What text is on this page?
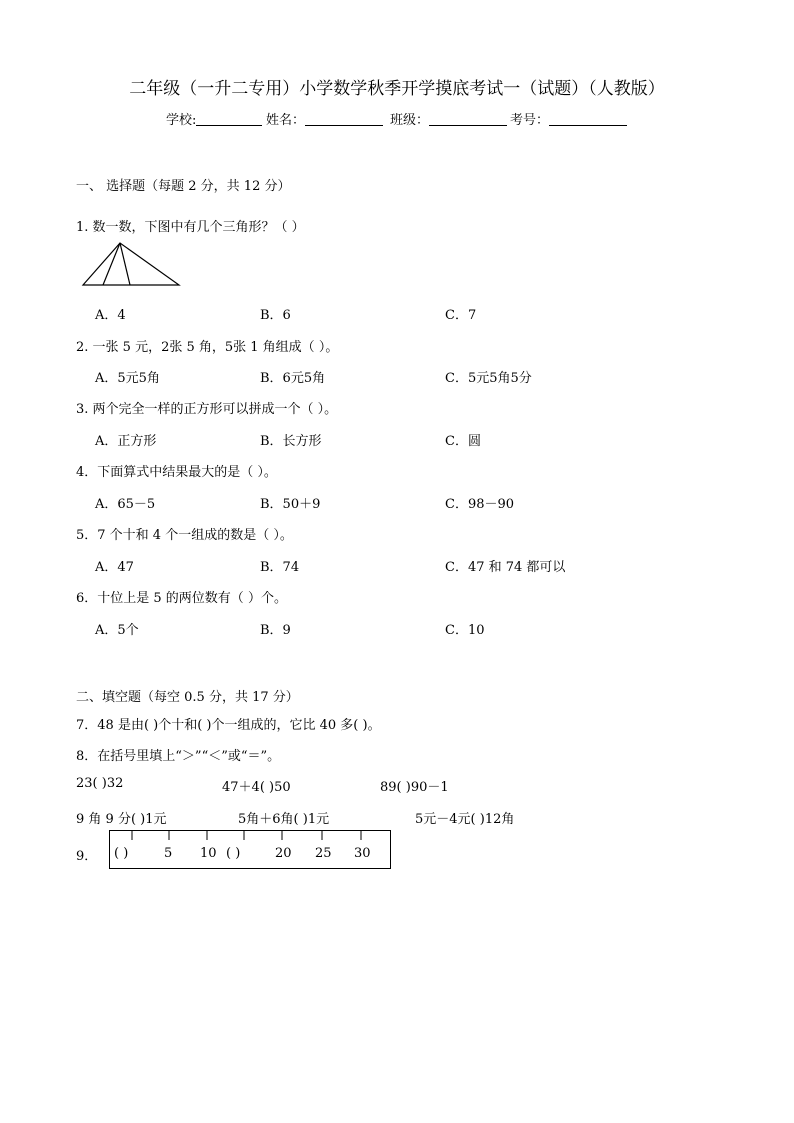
二年级（一升二专用）小学数学秋季开学摸底考试一（试题）（人教版）
学校:	姓名：	班级：	考号：
一、 选择题（每题 2 分，共 12 分）
1. 数一数，下图中有几个三角形？（ ）
A．4	B．6	C．7
2. 一张 5 元，2张 5 角，5张 1 角组成（ ）。
A．5元5角	B．6元5角	C．5元5角5分
3. 两个完全一样的正方形可以拼成一个（ ）。
A．正方形	B．长方形	C．圆
4．下面算式中结果最大的是（ ）。
A．65－5	B．50＋9	C．98－90
5．7 个十和 4 个一组成的数是（ ）。
A．47	B．74	C．47 和 74 都可以
6．十位上是 5 的两位数有（ ）个。
A．5个	B．9	C．10
二、填空题（每空 0.5 分，共 17 分）
7．48 是由( )个十和( )个一组成的，它比 40 多( )。
8．在括号里填上“＞”“＜”或“＝”。
23( )32	47＋4( )50	89( )90－1
9 角 9 分( )1元	5角＋6角( )1元	5元－4元( )12角
9． ( )	5 10 ( )	20 25 30
